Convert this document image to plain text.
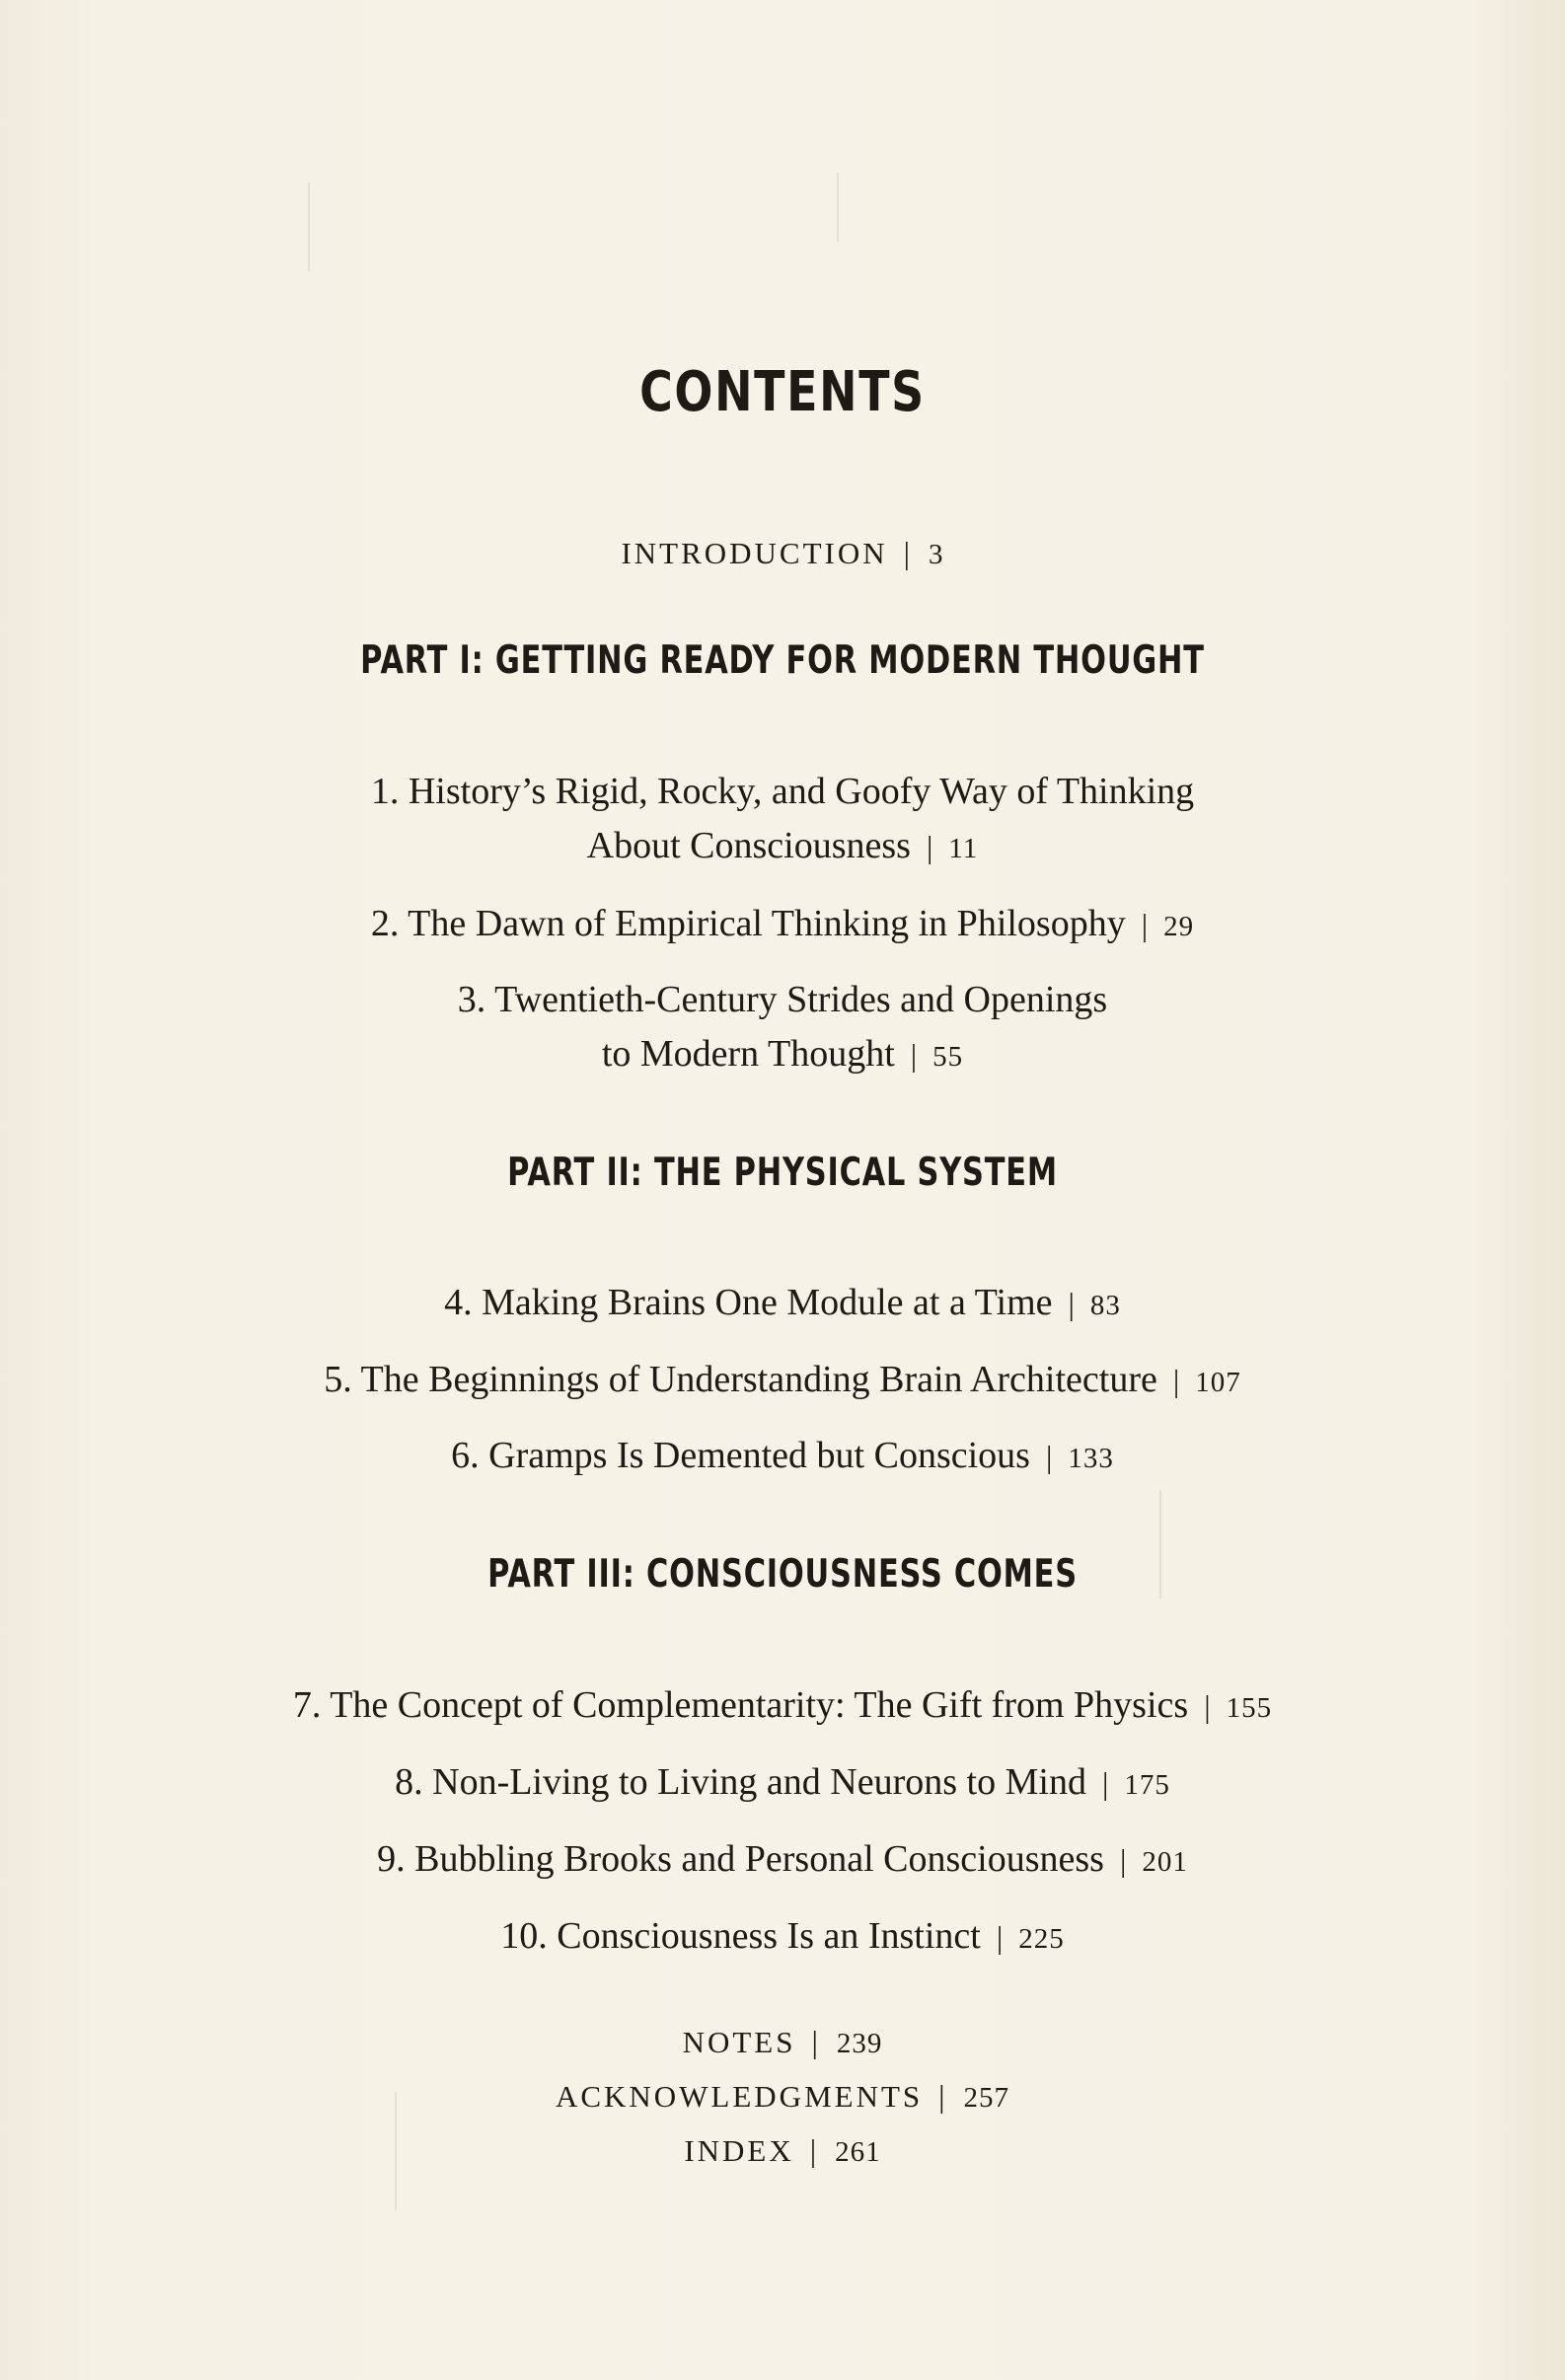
CONTENTS
INTRODUCTION | 3
PART I: GETTING READY FOR MODERN THOUGHT
1. History’s Rigid, Rocky, and Goofy Way of Thinking
About Consciousness | 11
2. The Dawn of Empirical Thinking in Philosophy | 29
3. Twentieth-Century Strides and Openings
to Modern Thought | 55
PART II: THE PHYSICAL SYSTEM
4. Making Brains One Module at a Time | 83
5. The Beginnings of Understanding Brain Architecture | 107
6. Gramps Is Demented but Conscious | 133
PART III: CONSCIOUSNESS COMES
7. The Concept of Complementarity: The Gift from Physics | 155
8. Non-Living to Living and Neurons to Mind | 175
9. Bubbling Brooks and Personal Consciousness | 201
10. Consciousness Is an Instinct | 225
NOTES | 239
ACKNOWLEDGMENTS | 257
INDEX | 261
